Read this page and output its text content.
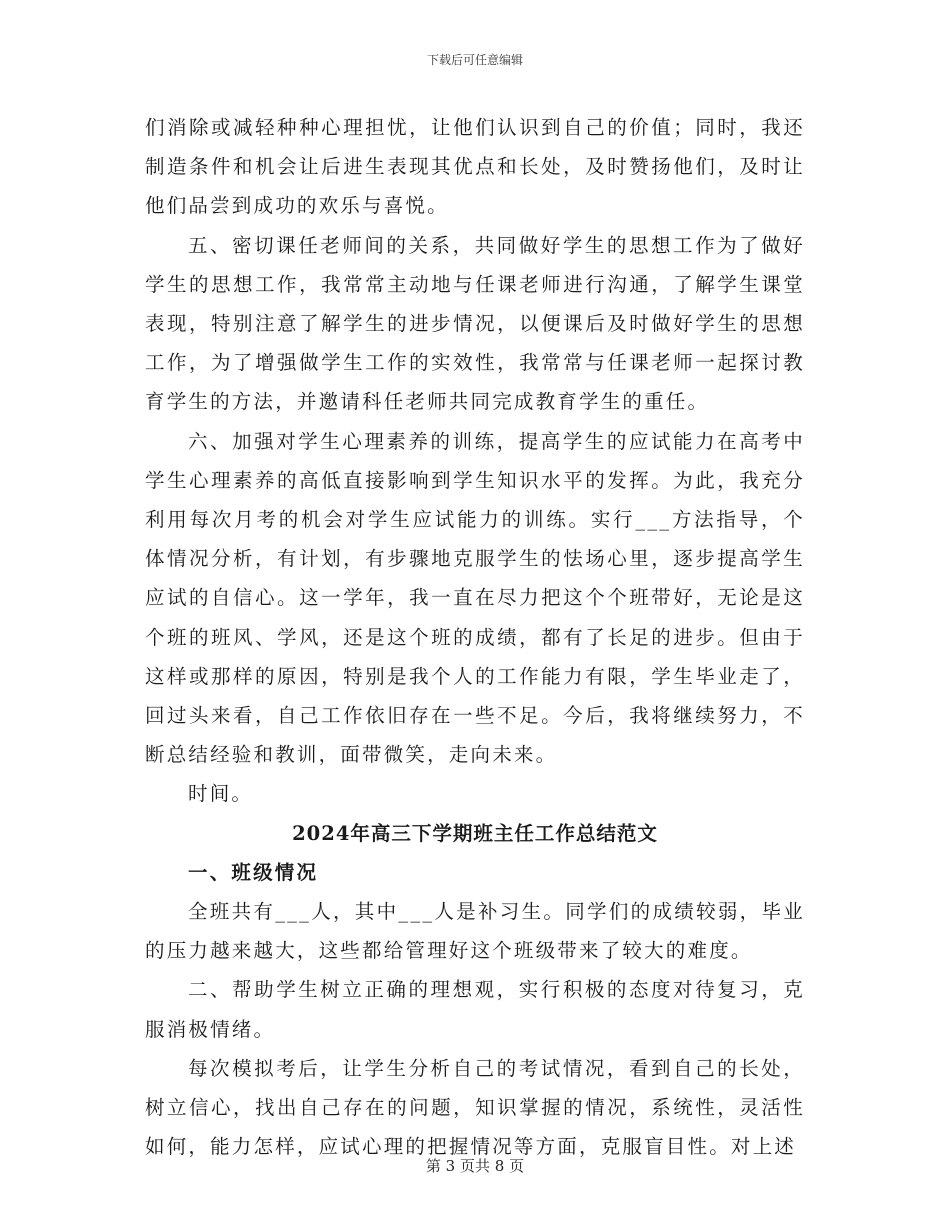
下载后可任意编辑

们消除或减轻种种心理担忧，让他们认识到自己的价值；同时，我还制造条件和机会让后进生表现其优点和长处，及时赞扬他们，及时让他们品尝到成功的欢乐与喜悦。

五、密切课任老师间的关系，共同做好学生的思想工作为了做好学生的思想工作，我常常主动地与任课老师进行沟通，了解学生课堂表现，特别注意了解学生的进步情况，以便课后及时做好学生的思想工作，为了增强做学生工作的实效性，我常常与任课老师一起探讨教育学生的方法，并邀请科任老师共同完成教育学生的重任。

六、加强对学生心理素养的训练，提高学生的应试能力在高考中学生心理素养的高低直接影响到学生知识水平的发挥。为此，我充分利用每次月考的机会对学生应试能力的训练。实行___方法指导，个体情况分析，有计划，有步骤地克服学生的怯场心里，逐步提高学生应试的自信心。这一学年，我一直在尽力把这个个班带好，无论是这个班的班风、学风，还是这个班的成绩，都有了长足的进步。但由于这样或那样的原因，特别是我个人的工作能力有限，学生毕业走了，回过头来看，自己工作依旧存在一些不足。今后，我将继续努力，不断总结经验和教训，面带微笑，走向未来。

时间。

2024年高三下学期班主任工作总结范文
一、班级情况

全班共有___人，其中___人是补习生。同学们的成绩较弱，毕业的压力越来越大，这些都给管理好这个班级带来了较大的难度。

二、帮助学生树立正确的理想观，实行积极的态度对待复习，克服消极情绪。

每次模拟考后，让学生分析自己的考试情况，看到自己的长处，树立信心，找出自己存在的问题，知识掌握的情况，系统性，灵活性如何，能力怎样，应试心理的把握情况等方面，克服盲目性。对上述

第 3 页共 8 页
